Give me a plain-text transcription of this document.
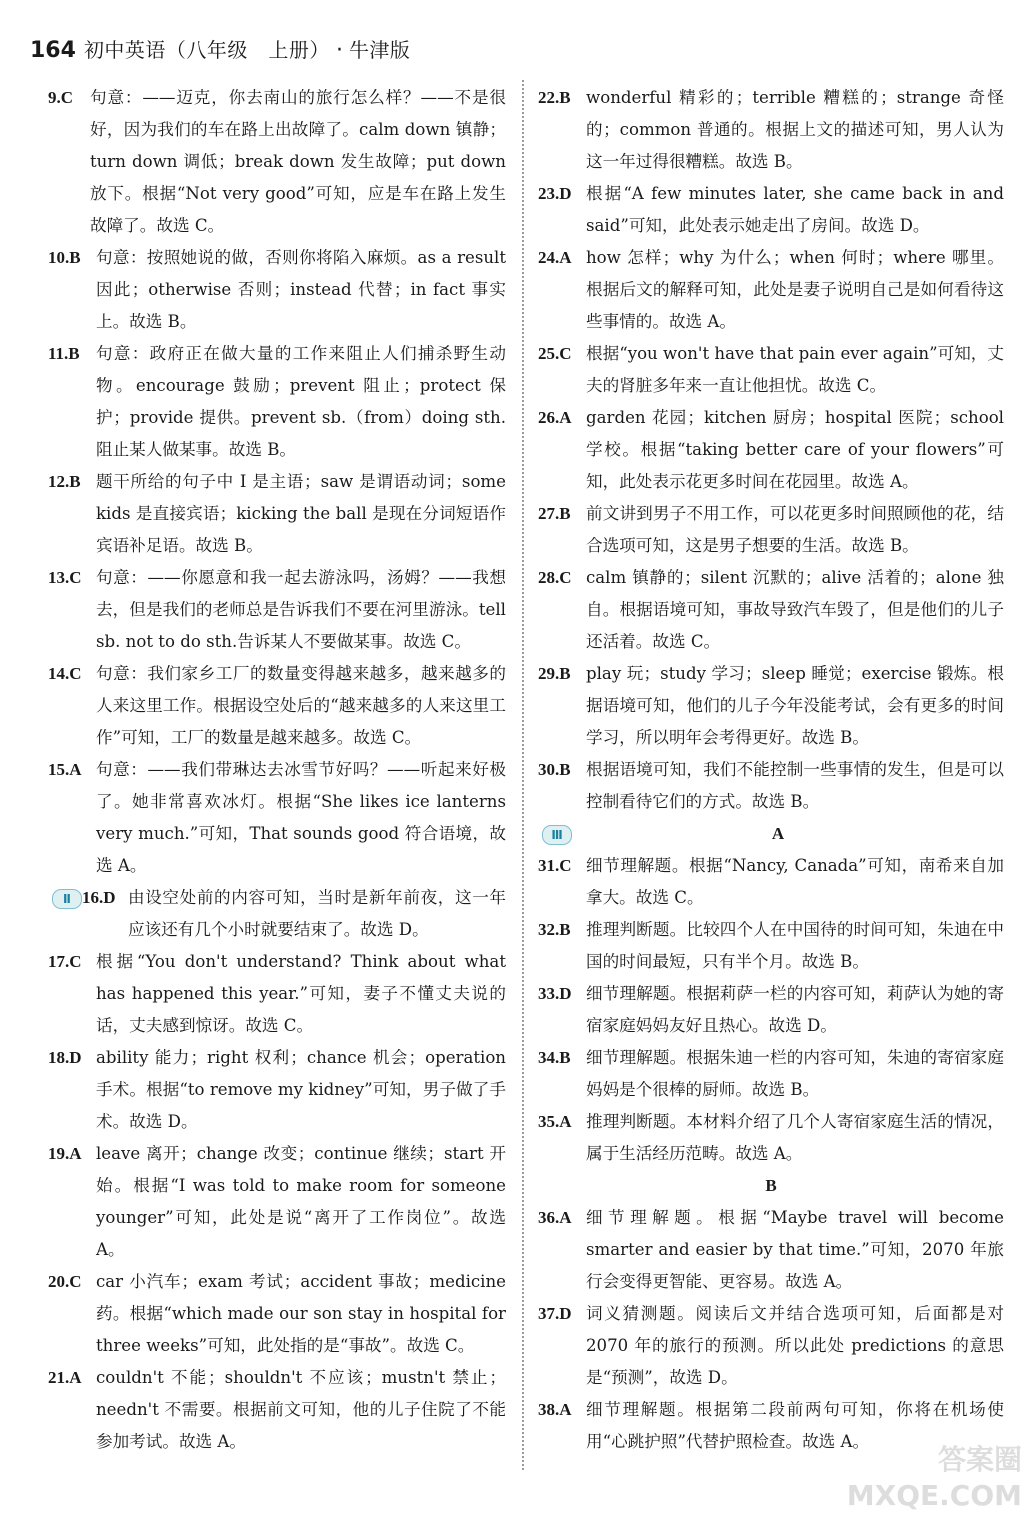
164 初中英语（八年级　上册） · 牛津版

9.C 句意：——迈克，你去南山的旅行怎么样？——不是很好，因为我们的车在路上出故障了。calm down 镇静；turn down 调低；break down 发生故障；put down 放下。根据“Not very good”可知，应是车在路上发生故障了。故选 C。

10.B 句意：按照她说的做，否则你将陷入麻烦。as a result 因此；otherwise 否则；instead 代替；in fact 事实上。故选 B。

11.B 句意：政府正在做大量的工作来阻止人们捕杀野生动物。encourage 鼓励；prevent 阻止；protect 保护；provide 提供。prevent sb.（from）doing sth.阻止某人做某事。故选 B。

12.B 题干所给的句子中 I 是主语；saw 是谓语动词；some kids 是直接宾语；kicking the ball 是现在分词短语作宾语补足语。故选 B。

13.C 句意：——你愿意和我一起去游泳吗，汤姆？——我想去，但是我们的老师总是告诉我们不要在河里游泳。tell sb. not to do sth.告诉某人不要做某事。故选 C。

14.C 句意：我们家乡工厂的数量变得越来越多，越来越多的人来这里工作。根据设空处后的“越来越多的人来这里工作”可知，工厂的数量是越来越多。故选 C。

15.A 句意：——我们带琳达去冰雪节好吗？——听起来好极了。她非常喜欢冰灯。根据“She likes ice lanterns very much.”可知，That sounds good 符合语境，故选 A。

Ⅱ 16.D 由设空处前的内容可知，当时是新年前夜，这一年应该还有几个小时就要结束了。故选 D。

17.C 根据“You don't understand? Think about what has happened this year.”可知，妻子不懂丈夫说的话，丈夫感到惊讶。故选 C。

18.D ability 能力；right 权利；chance 机会；operation 手术。根据“to remove my kidney”可知，男子做了手术。故选 D。

19.A leave 离开；change 改变；continue 继续；start 开始。根据“I was told to make room for someone younger”可知，此处是说“离开了工作岗位”。故选 A。

20.C car 小汽车；exam 考试；accident 事故；medicine 药。根据“which made our son stay in hospital for three weeks”可知，此处指的是“事故”。故选 C。

21.A couldn't 不能；shouldn't 不应该；mustn't 禁止；needn't 不需要。根据前文可知，他的儿子住院了不能参加考试。故选 A。

22.B wonderful 精彩的；terrible 糟糕的；strange 奇怪的；common 普通的。根据上文的描述可知，男人认为这一年过得很糟糕。故选 B。

23.D 根据“A few minutes later, she came back in and said”可知，此处表示她走出了房间。故选 D。

24.A how 怎样；why 为什么；when 何时；where 哪里。根据后文的解释可知，此处是妻子说明自己是如何看待这些事情的。故选 A。

25.C 根据“you won't have that pain ever again”可知，丈夫的肾脏多年来一直让他担忧。故选 C。

26.A garden 花园；kitchen 厨房；hospital 医院；school 学校。根据“taking better care of your flowers”可知，此处表示花更多时间在花园里。故选 A。

27.B 前文讲到男子不用工作，可以花更多时间照顾他的花，结合选项可知，这是男子想要的生活。故选 B。

28.C calm 镇静的；silent 沉默的；alive 活着的；alone 独自。根据语境可知，事故导致汽车毁了，但是他们的儿子还活着。故选 C。

29.B play 玩；study 学习；sleep 睡觉；exercise 锻炼。根据语境可知，他们的儿子今年没能考试，会有更多的时间学习，所以明年会考得更好。故选 B。

30.B 根据语境可知，我们不能控制一些事情的发生，但是可以控制看待它们的方式。故选 B。

Ⅲ	A

31.C 细节理解题。根据“Nancy, Canada”可知，南希来自加拿大。故选 C。

32.B 推理判断题。比较四个人在中国待的时间可知，朱迪在中国的时间最短，只有半个月。故选 B。

33.D 细节理解题。根据莉萨一栏的内容可知，莉萨认为她的寄宿家庭妈妈友好且热心。故选 D。

34.B 细节理解题。根据朱迪一栏的内容可知，朱迪的寄宿家庭妈妈是个很棒的厨师。故选 B。

35.A 推理判断题。本材料介绍了几个人寄宿家庭生活的情况，属于生活经历范畴。故选 A。

B

36.A 细节理解题。根据“Maybe travel will become smarter and easier by that time.”可知，2070 年旅行会变得更智能、更容易。故选 A。

37.D 词义猜测题。阅读后文并结合选项可知，后面都是对 2070 年的旅行的预测。所以此处 predictions 的意思是“预测”，故选 D。

38.A 细节理解题。根据第二段前两句可知，你将在机场使用“心跳护照”代替护照检查。故选 A。

答案圈
MXQE.COM
